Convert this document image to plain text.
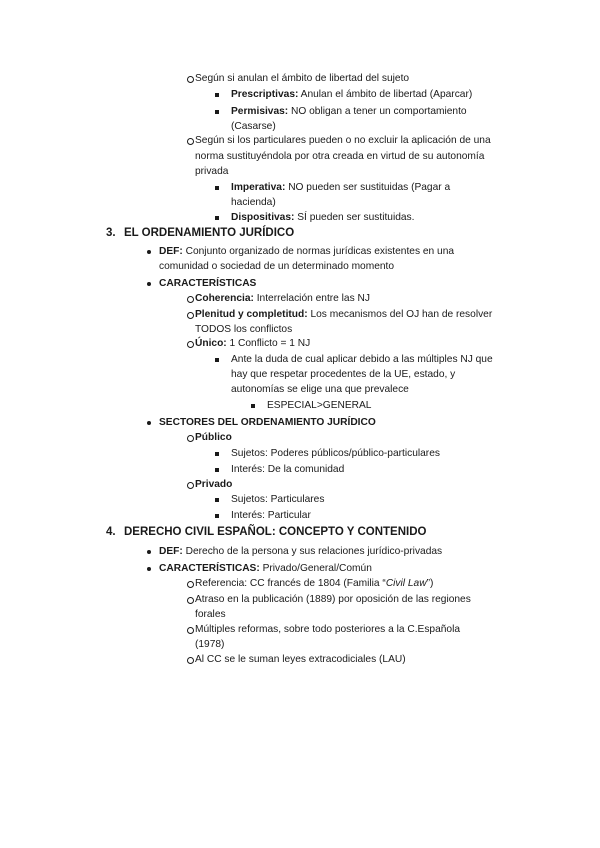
Según si anulan el ámbito de libertad del sujeto
Prescriptivas: Anulan el ámbito de libertad (Aparcar)
Permisivas: NO obligan a tener un comportamiento
(Casarse)
Según si los particulares pueden o no excluir la aplicación de una
norma sustituyéndola por otra creada en virtud de su autonomía
privada
Imperativa: NO pueden ser sustituidas (Pagar a
hacienda)
Dispositivas: SÍ pueden ser sustituidas.
3. EL ORDENAMIENTO JURÍDICO
DEF: Conjunto organizado de normas jurídicas existentes en una
comunidad o sociedad de un determinado momento
CARACTERÍSTICAS
Coherencia: Interrelación entre las NJ
Plenitud y completitud: Los mecanismos del OJ han de resolver
TODOS los conflictos
Único: 1 Conflicto = 1 NJ
Ante la duda de cual aplicar debido a las múltiples NJ que
hay que respetar procedentes de la UE, estado, y
autonomías se elige una que prevalece
ESPECIAL>GENERAL
SECTORES DEL ORDENAMIENTO JURÍDICO
Público
Sujetos: Poderes públicos/público-particulares
Interés: De la comunidad
Privado
Sujetos: Particulares
Interés: Particular
4. DERECHO CIVIL ESPAÑOL: CONCEPTO Y CONTENIDO
DEF: Derecho de la persona y sus relaciones jurídico-privadas
CARACTERÍSTICAS: Privado/General/Común
Referencia: CC francés de 1804 (Familia “Civil Law”)
Atraso en la publicación (1889) por oposición de las regiones
forales
Múltiples reformas, sobre todo posteriores a la C.Española
(1978)
Al CC se le suman leyes extracodiciales (LAU)
